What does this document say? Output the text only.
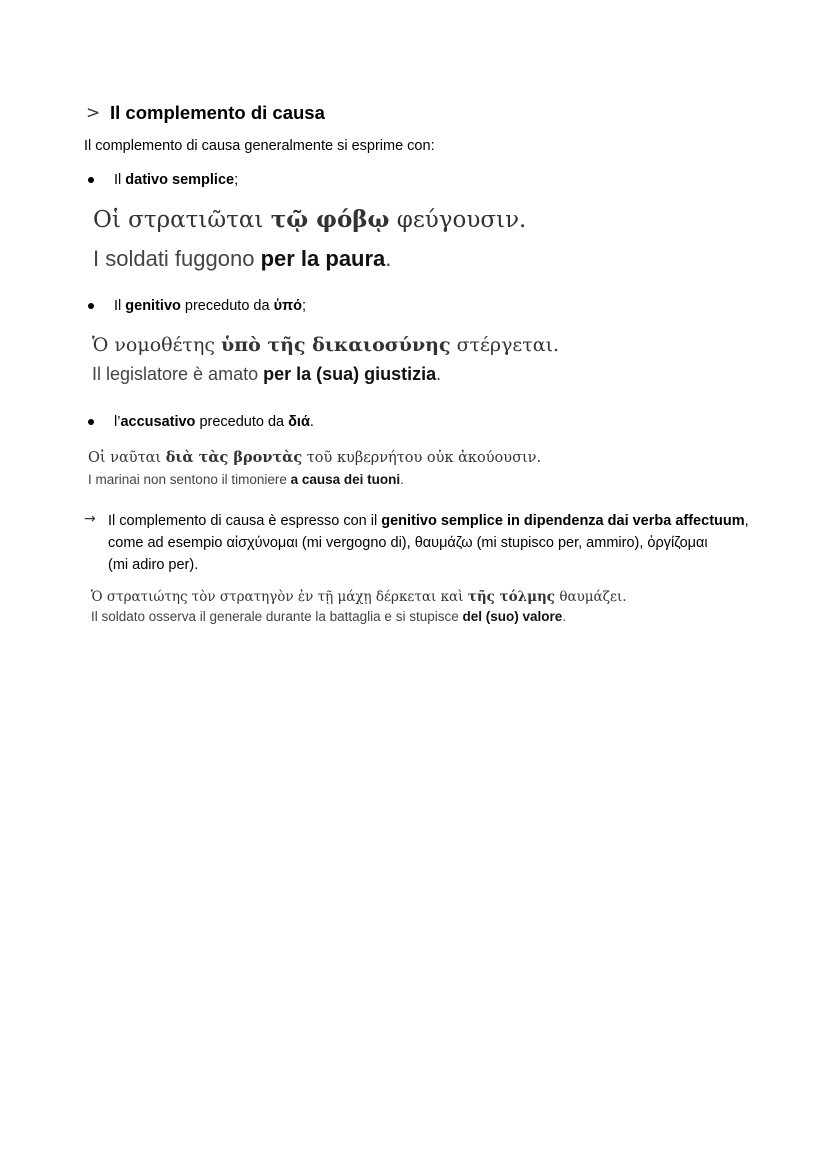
> Il complemento di causa
Il complemento di causa generalmente si esprime con:
Il dativo semplice;
Οἱ στρατιῶται τῷ φόβῳ φεύγουσιν.
I soldati fuggono per la paura.
Il genitivo preceduto da ὑπό;
Ὁ νομοθέτης ὑπὸ τῆς δικαιοσύνης στέργεται.
Il legislatore è amato per la (sua) giustizia.
l’accusativo preceduto da διά.
Οἱ ναῦται διὰ τὰς βροντὰς τοῦ κυβερνήτου οὐκ ἀκούουσιν.
I marinai non sentono il timoniere a causa dei tuoni.
→ Il complemento di causa è espresso con il genitivo semplice in dipendenza dai verba affectuum,
come ad esempio αἰσχύνομαι (mi vergogno di), θαυμάζω (mi stupisco per, ammiro), ὀργίζομαι
(mi adiro per).
Ὁ στρατιώτης τὸν στρατηγὸν ἐν τῇ μάχῃ δέρκεται καὶ τῆς τόλμης θαυμάζει.
Il soldato osserva il generale durante la battaglia e si stupisce del (suo) valore.
